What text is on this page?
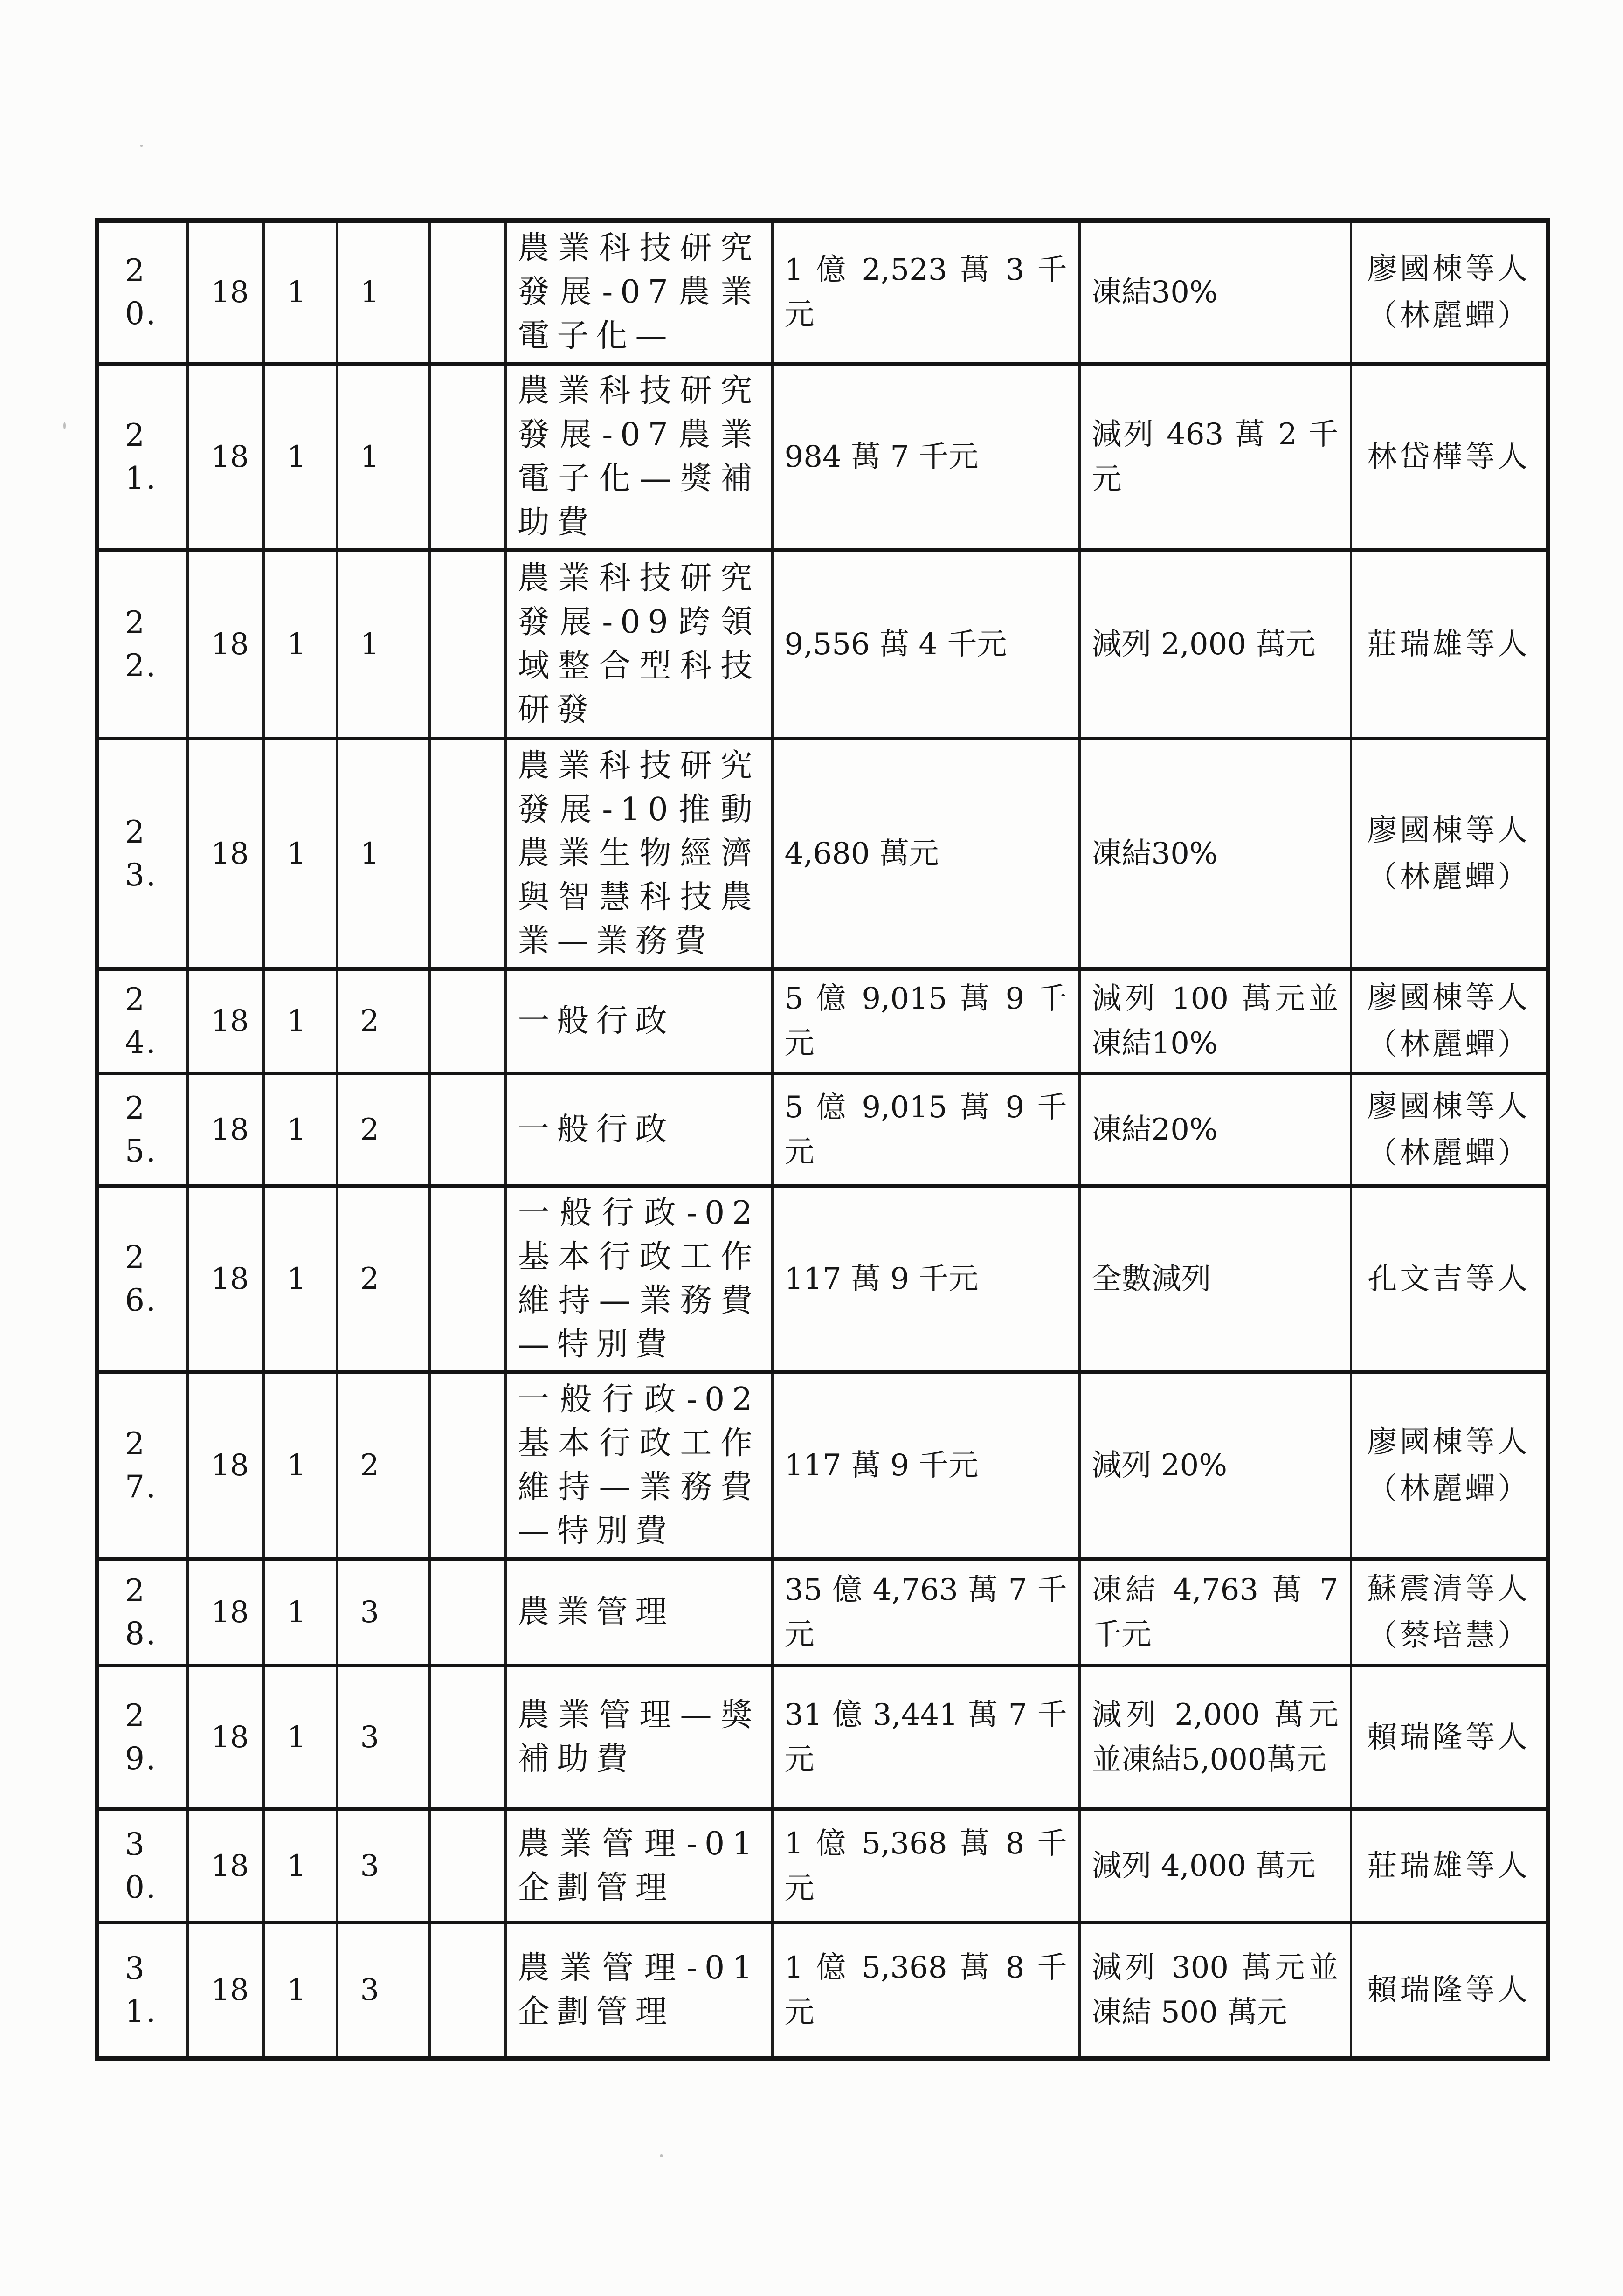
20.	18	1	1		農業科技研究發展-07農業電子化—	1 億 2,523 萬 3 千元	凍結30%	廖國棟等人（林麗蟬）
21.	18	1	1		農業科技研究發展-07農業電子化—獎補助費	984 萬 7 千元	減列 463 萬 2 千元	林岱樺等人
22.	18	1	1		農業科技研究發展-09跨領域整合型科技研發	9,556 萬 4 千元	減列 2,000 萬元	莊瑞雄等人
23.	18	1	1		農業科技研究發展-10推動農業生物經濟與智慧科技農業—業務費	4,680 萬元	凍結30%	廖國棟等人（林麗蟬）
24.	18	1	2		一般行政	5 億 9,015 萬 9 千元	減列 100 萬元並凍結10%	廖國棟等人（林麗蟬）
25.	18	1	2		一般行政	5 億 9,015 萬 9 千元	凍結20%	廖國棟等人（林麗蟬）
26.	18	1	2		一般行政-02基本行政工作維持—業務費—特別費	117 萬 9 千元	全數減列	孔文吉等人
27.	18	1	2		一般行政-02基本行政工作維持—業務費—特別費	117 萬 9 千元	減列 20%	廖國棟等人（林麗蟬）
28.	18	1	3		農業管理	35 億 4,763 萬 7 千元	凍結 4,763 萬 7 千元	蘇震清等人（蔡培慧）
29.	18	1	3		農業管理—獎補助費	31 億 3,441 萬 7 千元	減列 2,000 萬元並凍結5,000萬元	賴瑞隆等人
30.	18	1	3		農業管理-01企劃管理	1 億 5,368 萬 8 千元	減列 4,000 萬元	莊瑞雄等人
31.	18	1	3		農業管理-01企劃管理	1 億 5,368 萬 8 千元	減列 300 萬元並凍結 500 萬元	賴瑞隆等人
